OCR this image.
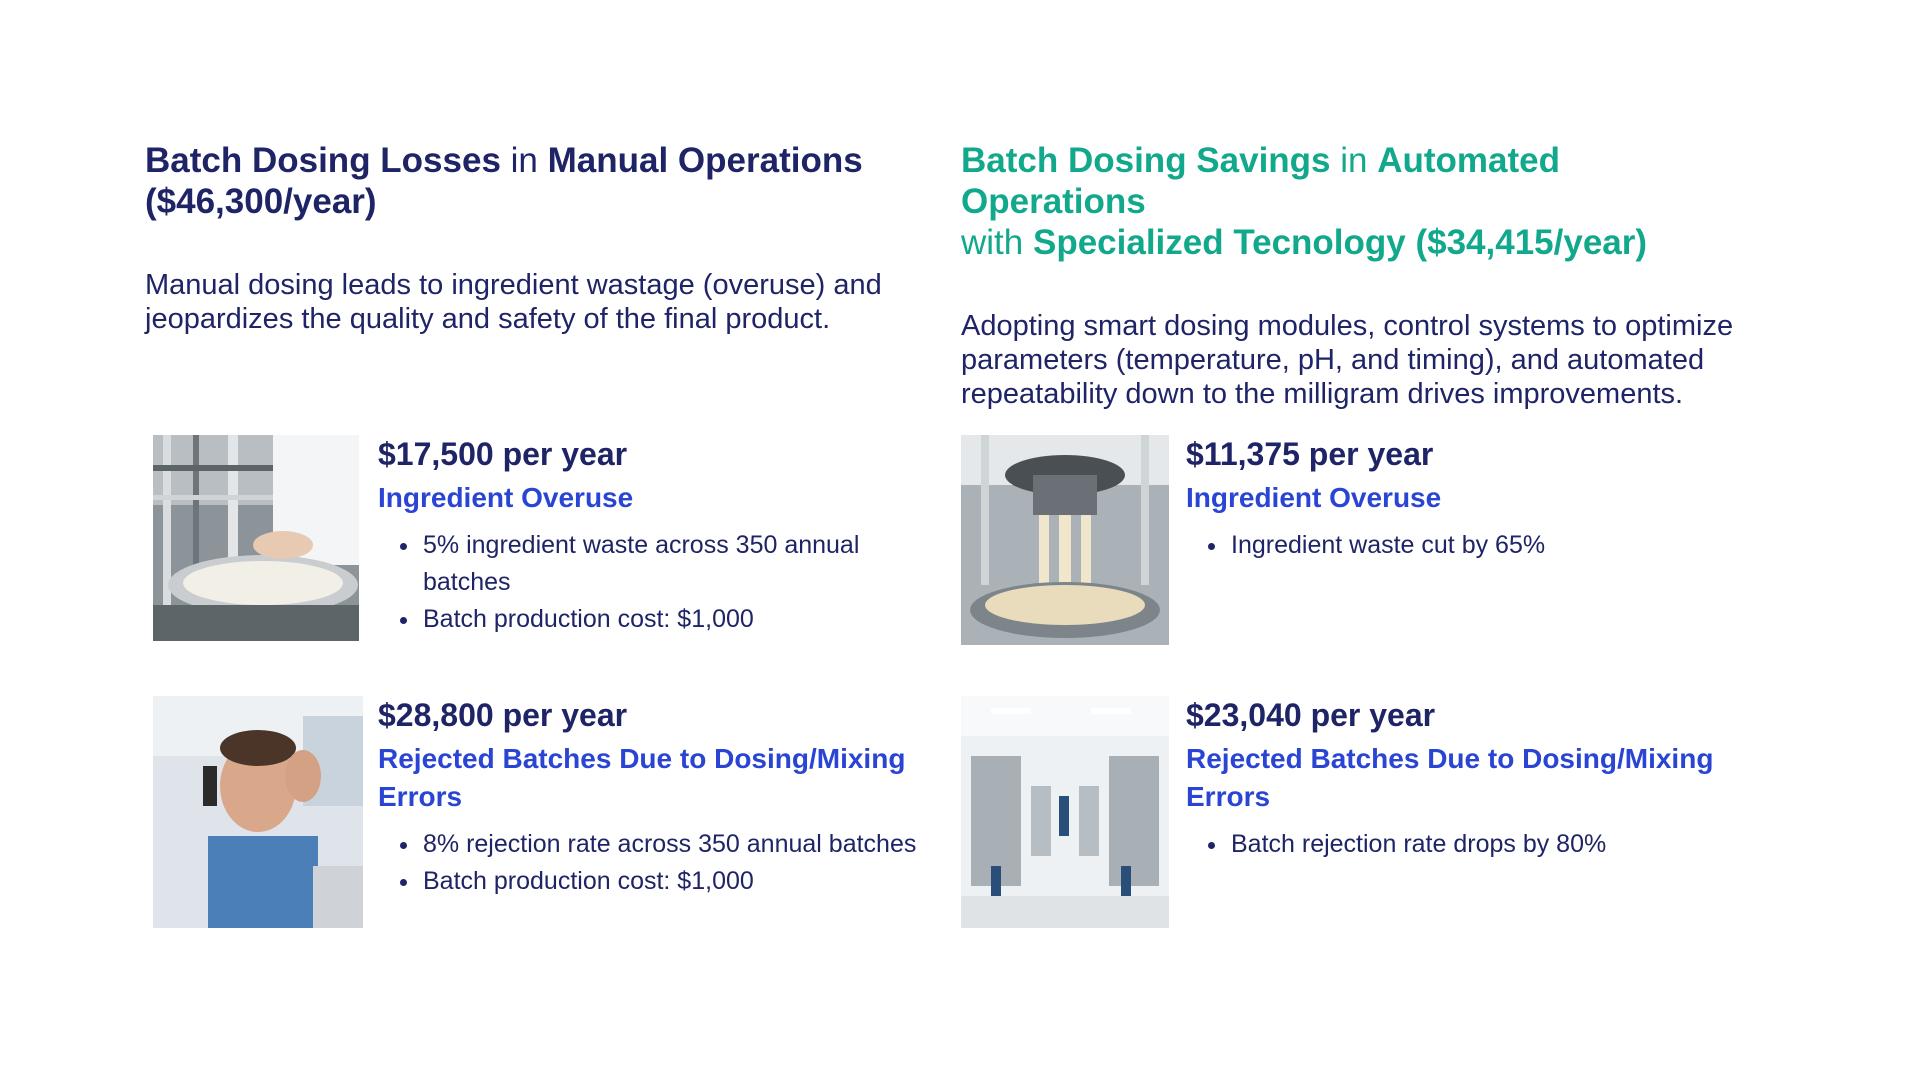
Batch Dosing Losses in Manual Operations ($46,300/year)

Manual dosing leads to ingredient wastage (overuse) and jeopardizes the quality and safety of the final product.

$17,500 per year

Ingredient Overuse

5% ingredient waste across 350 annual batches
Batch production cost: $1,000

$28,800 per year

Rejected Batches Due to Dosing/Mixing Errors

8% rejection rate across 350 annual batches
Batch production cost: $1,000
Batch Dosing Savings in Automated Operations
with Specialized Tecnology ($34,415/year)

Adopting smart dosing modules, control systems to optimize parameters (temperature, pH, and timing), and automated repeatability down to the milligram drives improvements.

$11,375 per year

Ingredient Overuse

Ingredient waste cut by 65%

$23,040 per year

Rejected Batches Due to Dosing/Mixing Errors

Batch rejection rate drops by 80%
